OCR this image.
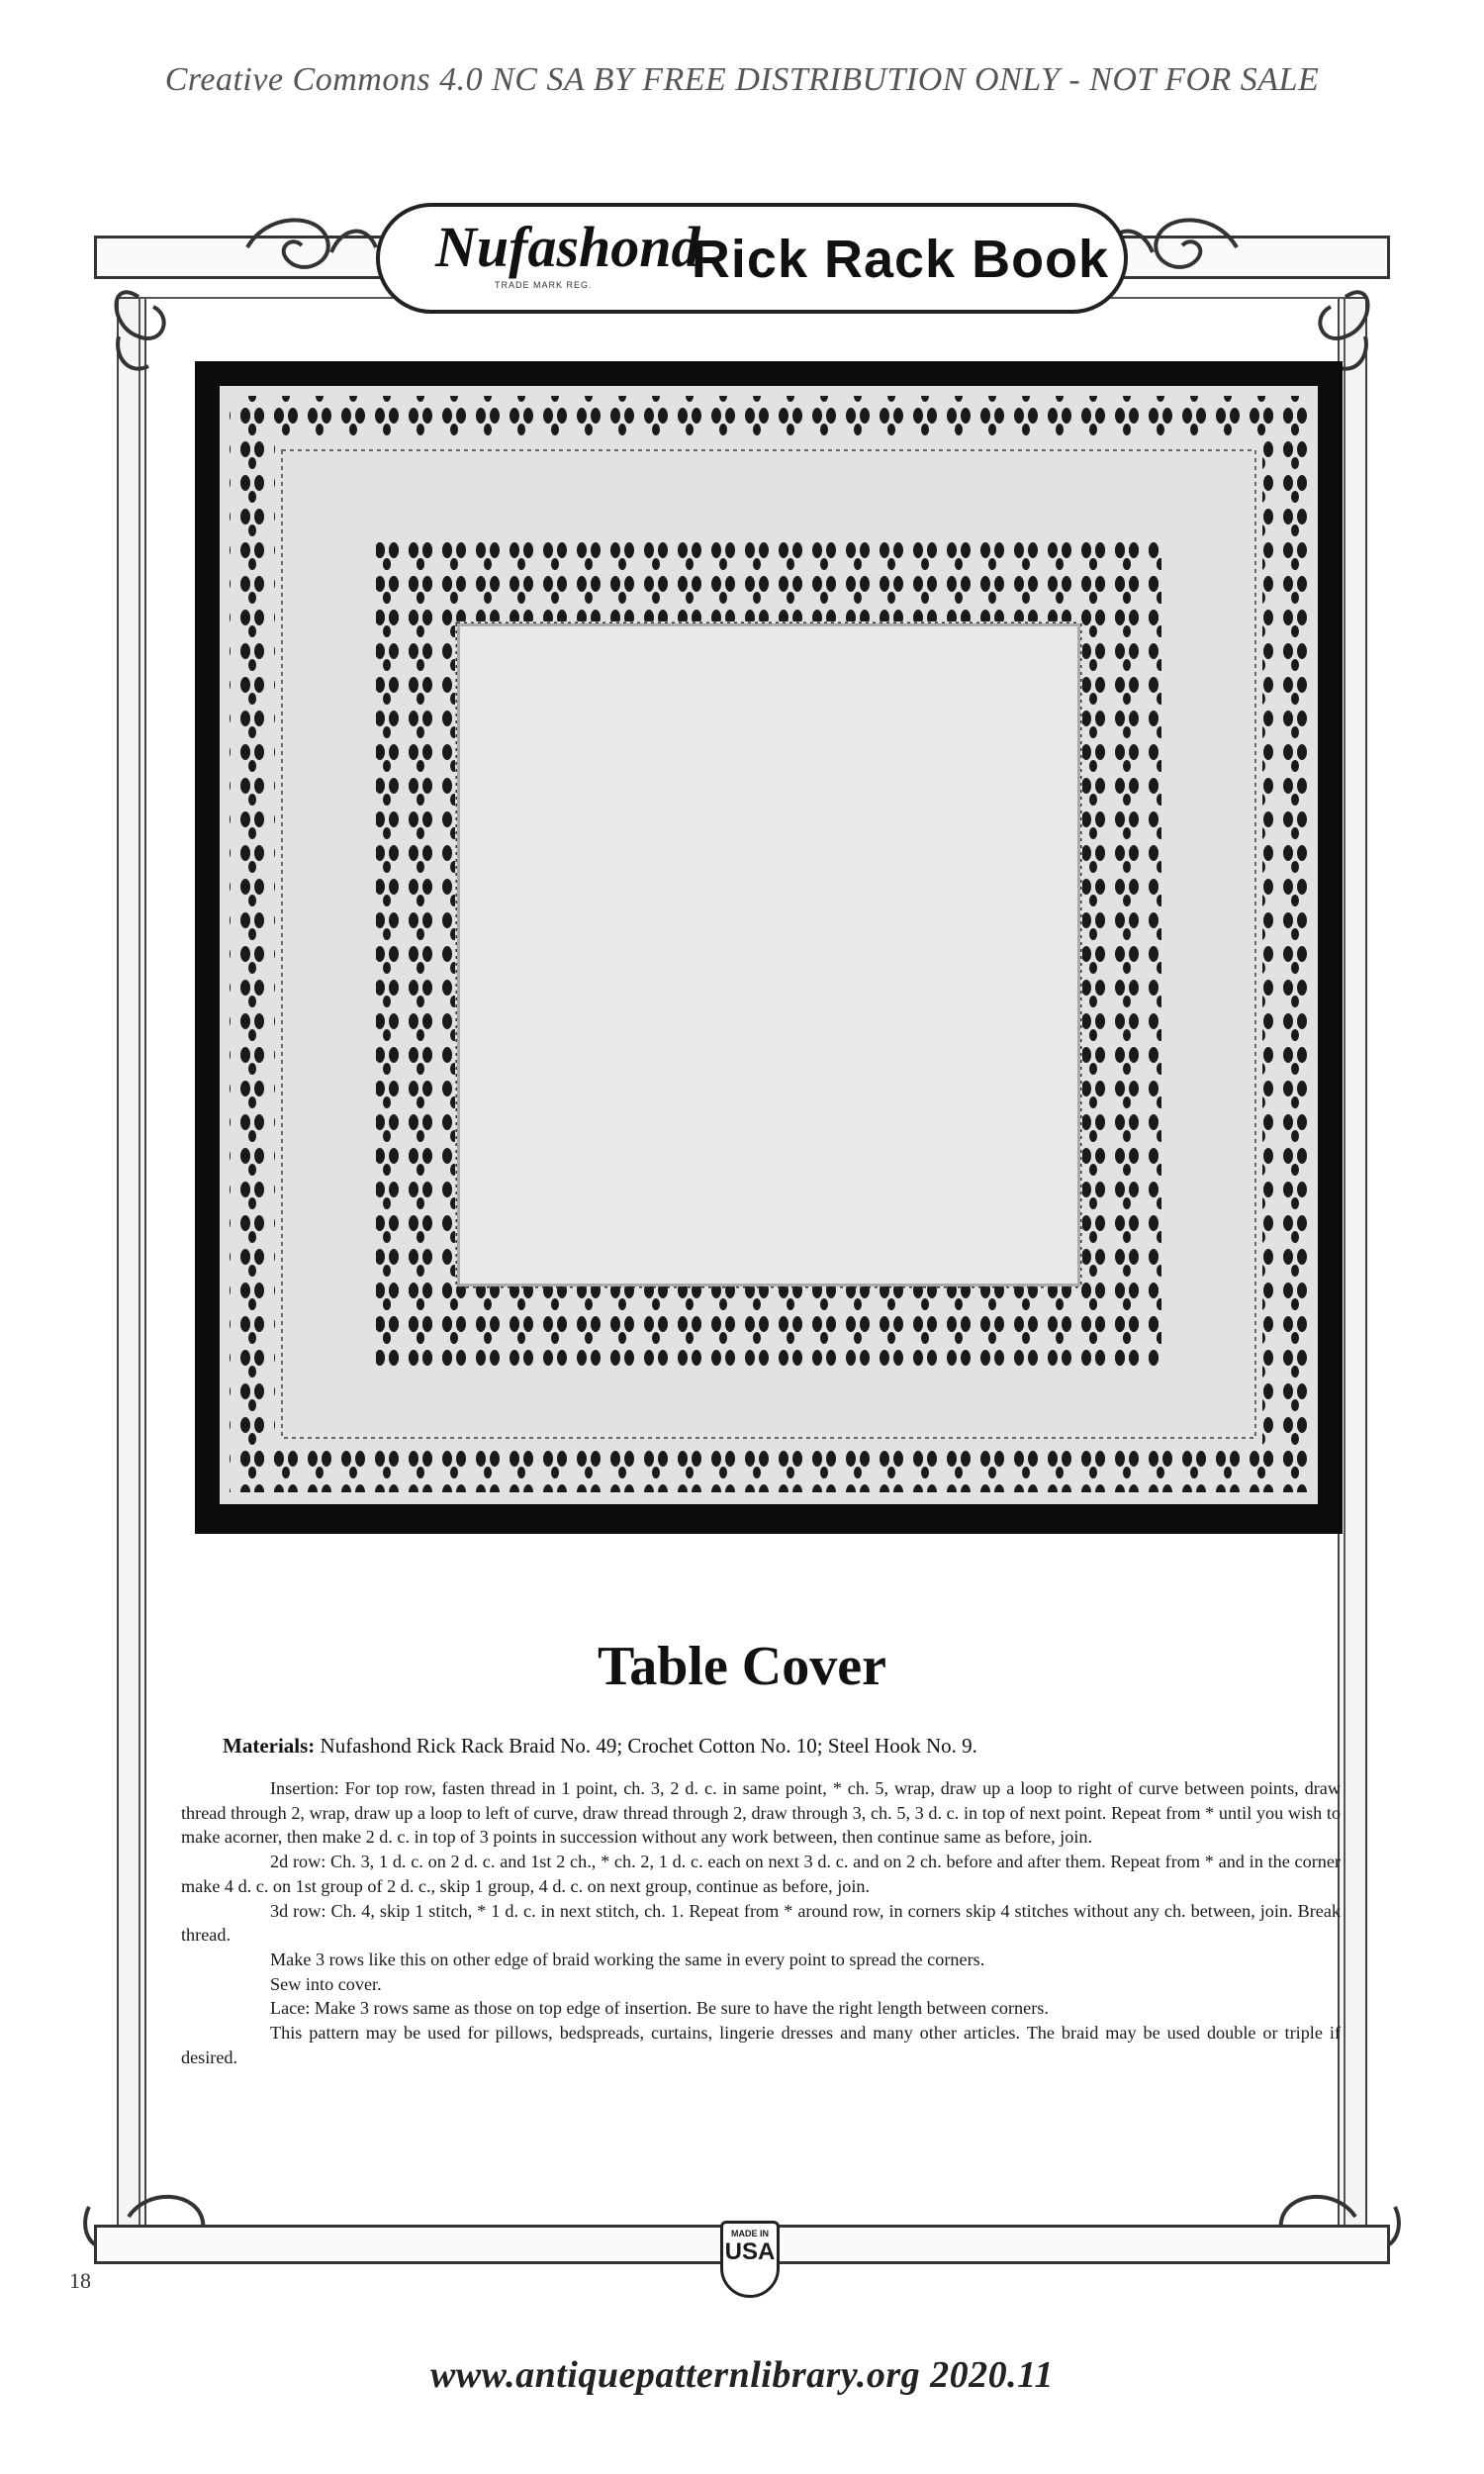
Creative Commons 4.0 NC SA BY FREE DISTRIBUTION ONLY - NOT FOR SALE
Nufashond
TRADE MARK REG. Rick Rack Book
Table Cover
Materials: Nufashond Rick Rack Braid No. 49; Crochet Cotton No. 10; Steel Hook No. 9.

Insertion: For top row, fasten thread in 1 point, ch. 3, 2 d. c. in same point, * ch. 5, wrap, draw up a loop to right of curve between points, draw thread through 2, wrap, draw up a loop to left of curve, draw thread through 2, draw through 3, ch. 5, 3 d. c. in top of next point. Repeat from * until you wish to make acorner, then make 2 d. c. in top of 3 points in succession without any work between, then continue same as before, join.

2d row: Ch. 3, 1 d. c. on 2 d. c. and 1st 2 ch., * ch. 2, 1 d. c. each on next 3 d. c. and on 2 ch. before and after them. Repeat from * and in the corner make 4 d. c. on 1st group of 2 d. c., skip 1 group, 4 d. c. on next group, continue as before, join.

3d row: Ch. 4, skip 1 stitch, * 1 d. c. in next stitch, ch. 1. Repeat from * around row, in corners skip 4 stitches without any ch. between, join. Break thread.

Make 3 rows like this on other edge of braid working the same in every point to spread the corners.

Sew into cover.

Lace: Make 3 rows same as those on top edge of insertion. Be sure to have the right length between corners.

This pattern may be used for pillows, bedspreads, curtains, lingerie dresses and many other articles. The braid may be used double or triple if desired.

MADE IN
USA
18
www.antiquepatternlibrary.org 2020.11
